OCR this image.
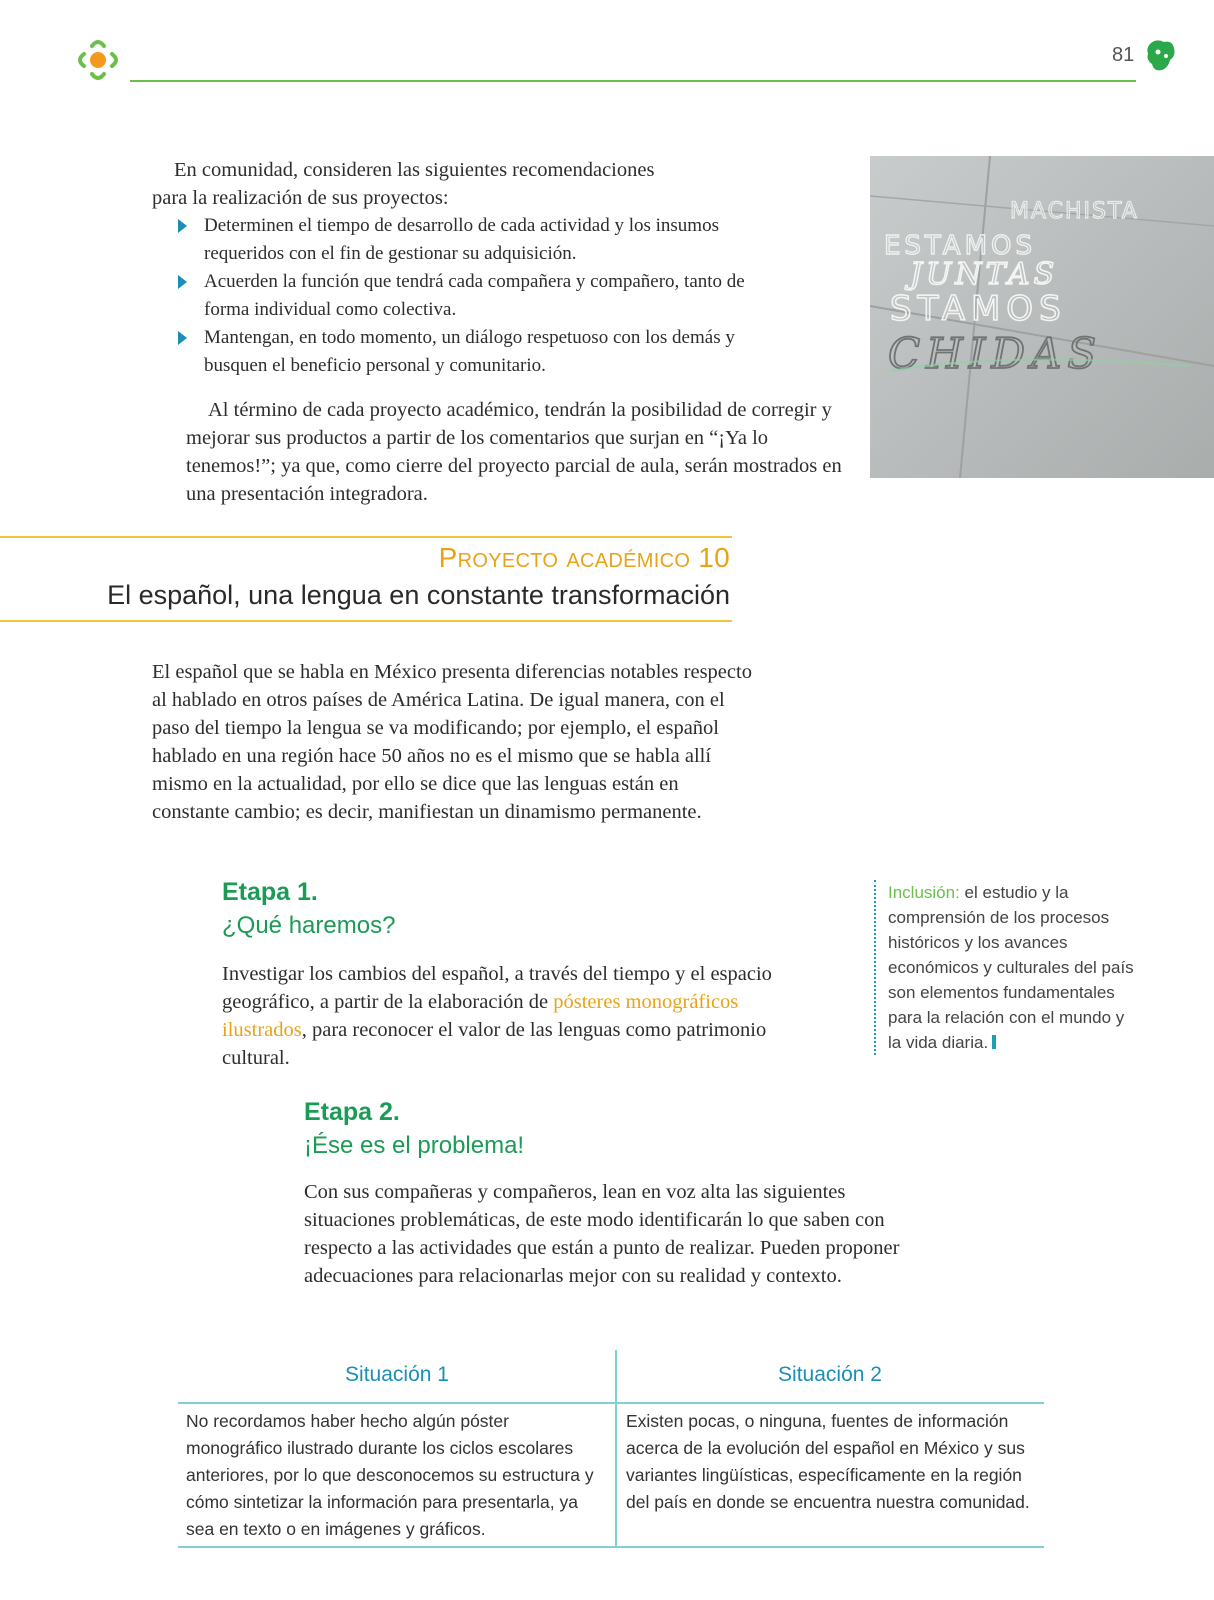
81
En comunidad, consideren las siguientes recomendaciones
para la realización de sus proyectos:
Determinen el tiempo de desarrollo de cada actividad y los insumos requeridos con el fin de gestionar su adquisición.
Acuerden la función que tendrá cada compañera y compañero, tanto de forma individual como colectiva.
Mantengan, en todo momento, un diálogo respetuoso con los demás y busquen el beneficio personal y comunitario.
Al término de cada proyecto académico, tendrán la posibilidad de corregir y mejorar sus productos a partir de los comentarios que surjan en “¡Ya lo tenemos!”; ya que, como cierre del proyecto parcial de aula, serán mostrados en una presentación integradora.
MACHISTA
ESTAMOS
JUNTAS
STAMOS
CHIDAS
Proyecto académico 10
El español, una lengua en constante transformación
El español que se habla en México presenta diferencias notables respecto al hablado en otros países de América Latina. De igual manera, con el paso del tiempo la lengua se va modificando; por ejemplo, el español hablado en una región hace 50 años no es el mismo que se habla allí mismo en la actualidad, por ello se dice que las lenguas están en constante cambio; es decir, manifiestan un dinamismo permanente.
Etapa 1.
¿Qué haremos?
Investigar los cambios del español, a través del tiempo y el espacio geográfico, a partir de la elaboración de pósteres monográficos ilustrados, para reconocer el valor de las lenguas como patrimonio cultural.
Inclusión: el estudio y la comprensión de los procesos históricos y los avances económicos y culturales del país son elementos fundamentales para la relación con el mundo y la vida diaria.
Etapa 2.
¡Ése es el problema!
Con sus compañeras y compañeros, lean en voz alta las siguientes situaciones problemáticas, de este modo identificarán lo que saben con respecto a las actividades que están a punto de realizar. Pueden proponer adecuaciones para relacionarlas mejor con su realidad y contexto.
Situación 1	Situación 2
No recordamos haber hecho algún póster monográfico ilustrado durante los ciclos escolares anteriores, por lo que desconocemos su estructura y cómo sintetizar la información para presentarla, ya sea en texto o en imágenes y gráficos.
Existen pocas, o ninguna, fuentes de información acerca de la evolución del español en México y sus variantes lingüísticas, específicamente en la región del país en donde se encuentra nuestra comunidad.
